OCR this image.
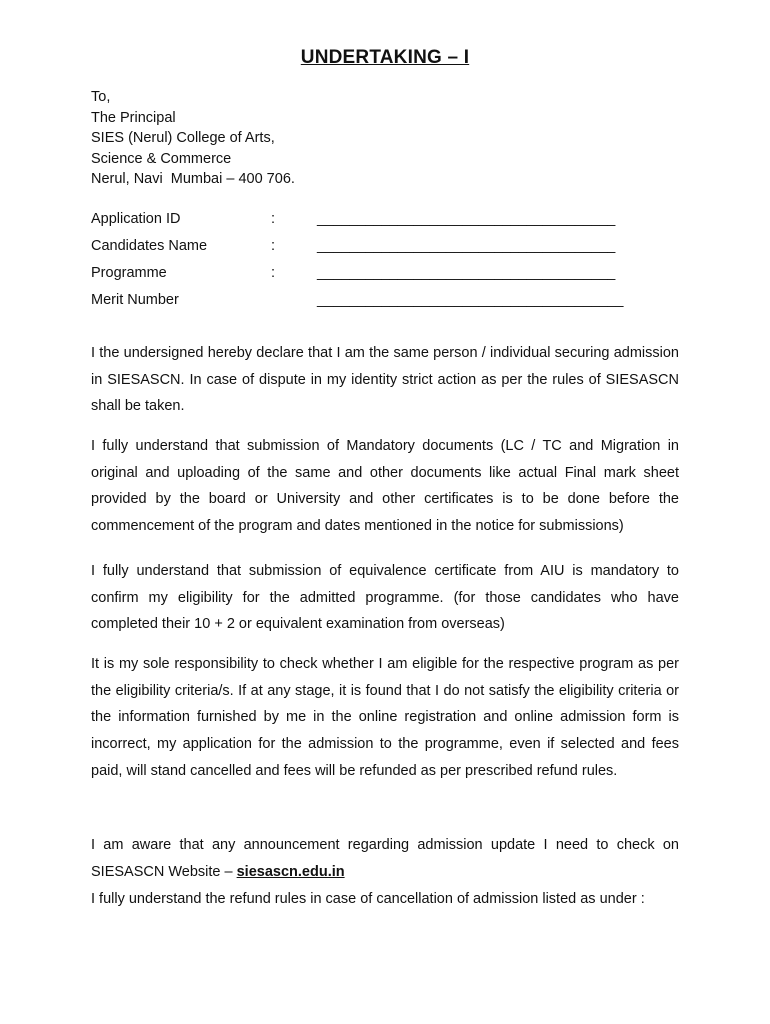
UNDERTAKING – I
To,
The Principal
SIES (Nerul) College of Arts,
Science & Commerce
Nerul, Navi  Mumbai – 400 706.
Application ID	:	_____________________________________
Candidates Name	:	_____________________________________
Programme	:	_____________________________________
Merit Number	______________________________________

I the undersigned hereby declare that I am the same person / individual securing admission in SIESASCN. In case of dispute in my identity strict action as per the rules of SIESASCN shall be taken.

I fully understand that submission of Mandatory documents (LC / TC and Migration in original and uploading of the same and other documents like actual Final mark sheet provided by the board or University and other certificates is to be done before the commencement of the program and dates mentioned in the notice for submissions)

I fully understand that submission of equivalence certificate from AIU is mandatory to confirm my eligibility for the admitted programme. (for those candidates who have completed their 10 + 2 or equivalent examination from overseas)

It is my sole responsibility to check whether I am eligible for the respective program as per the eligibility criteria/s. If at any stage, it is found that I do not satisfy the eligibility criteria or the information furnished by me in the online registration and online admission form is incorrect, my application for the admission to the programme, even if selected and fees paid, will stand cancelled and fees will be refunded as per prescribed refund rules.

I am aware that any announcement regarding admission update I need to check on SIESASCN Website – siesascn.edu.in

I fully understand the refund rules in case of cancellation of admission listed as under :
